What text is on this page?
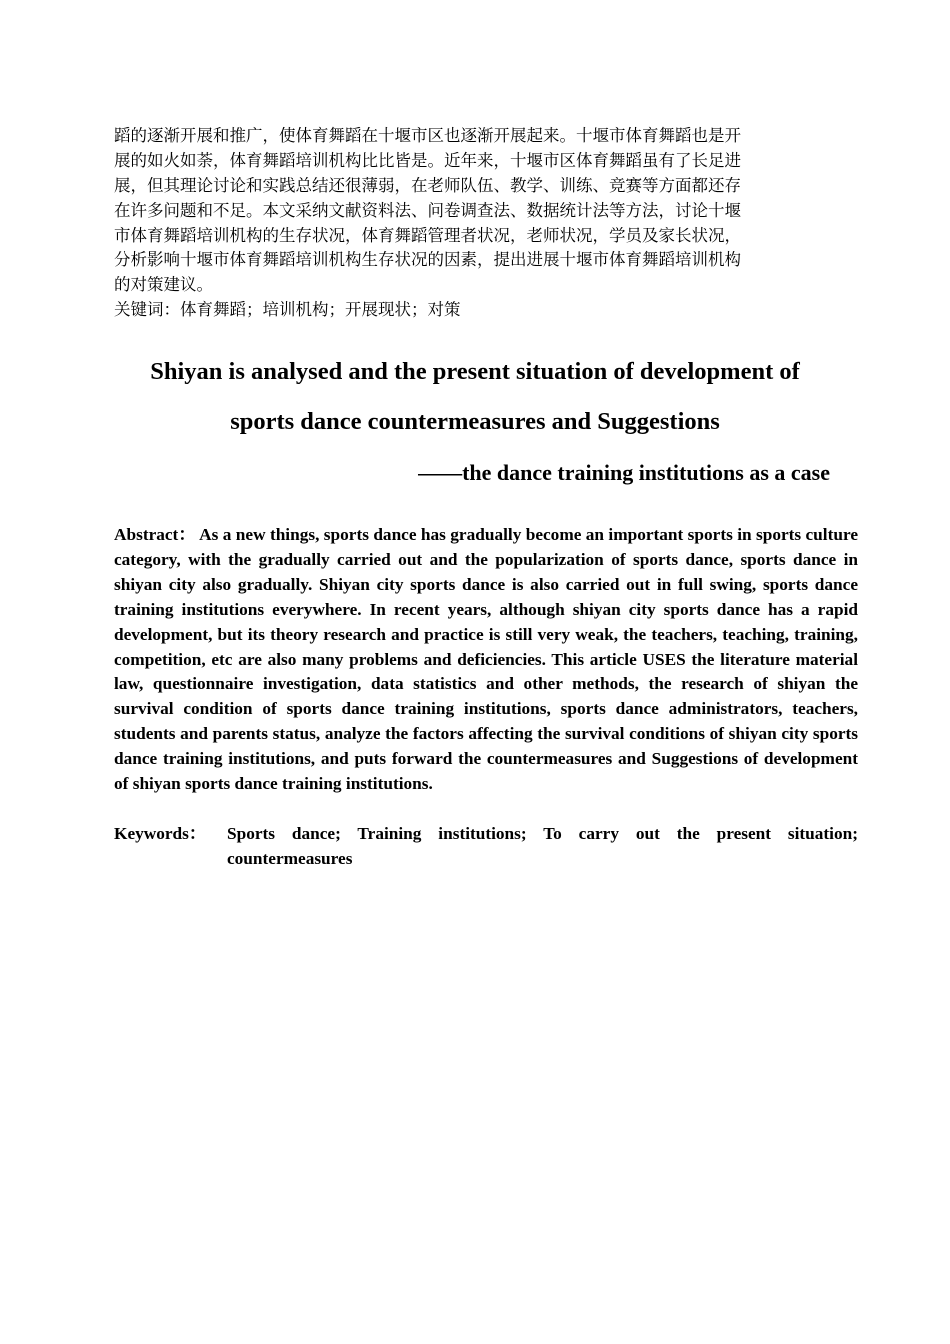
蹈的逐渐开展和推广，使体育舞蹈在十堰市区也逐渐开展起来。十堰市体育舞蹈也是开
展的如火如荼，体育舞蹈培训机构比比皆是。近年来，十堰市区体育舞蹈虽有了长足进
展，但其理论讨论和实践总结还很薄弱，在老师队伍、教学、训练、竞赛等方面都还存
在许多问题和不足。本文采纳文献资料法、问卷调查法、数据统计法等方法，讨论十堰
市体育舞蹈培训机构的生存状况，体育舞蹈管理者状况，老师状况，学员及家长状况，
分析影响十堰市体育舞蹈培训机构生存状况的因素，提出进展十堰市体育舞蹈培训机构
的对策建议。
关键词：体育舞蹈；培训机构；开展现状；对策
Shiyan is analysed and the present situation of development of
sports dance countermeasures and Suggestions
——the dance training institutions as a case
Abstract： As a new things, sports dance has gradually become an important sports in sports culture category, with the gradually carried out and the popularization of sports dance, sports dance in shiyan city also gradually. Shiyan city sports dance is also carried out in full swing, sports dance training institutions everywhere. In recent years, although shiyan city sports dance has a rapid development, but its theory research and practice is still very weak, the teachers, teaching, training, competition, etc are also many problems and deficiencies. This article USES the literature material law, questionnaire investigation, data statistics and other methods, the research of shiyan the survival condition of sports dance training institutions, sports dance administrators, teachers, students and parents status, analyze the factors affecting the survival conditions of shiyan city sports dance training institutions, and puts forward the countermeasures and Suggestions of development of shiyan sports dance training institutions.
Keywords： Sports dance; Training institutions; To carry out the present situation; countermeasures
